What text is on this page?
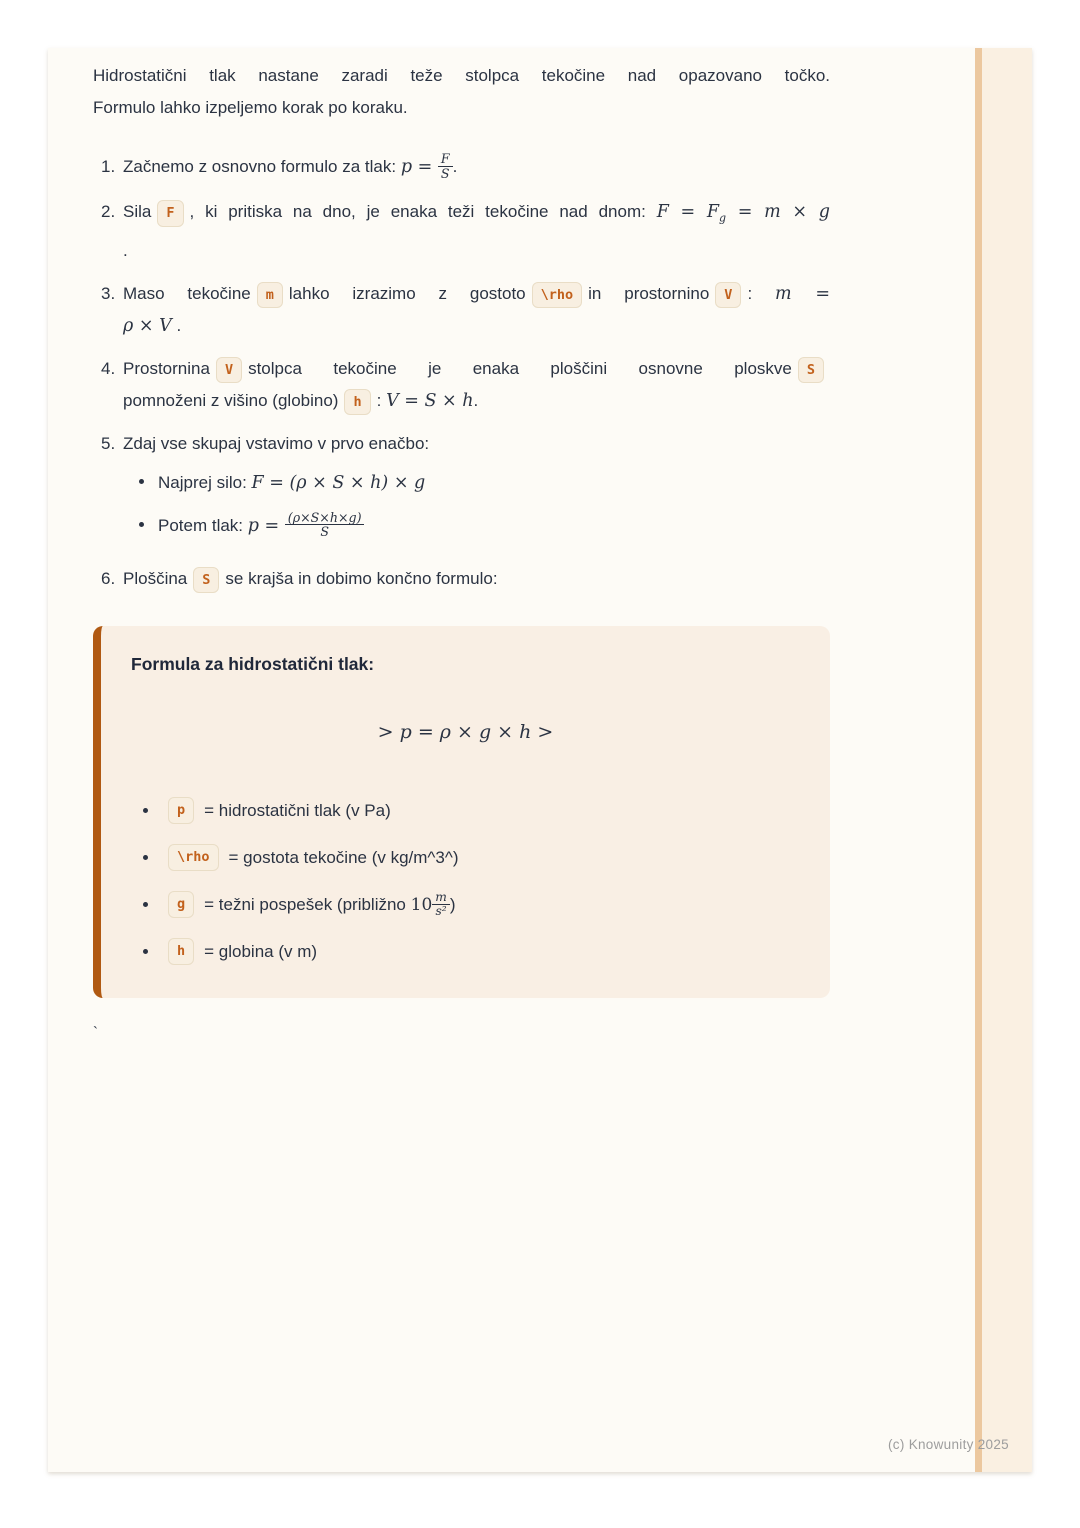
Hidrostatični tlak nastane zaradi teže stolpca tekočine nad opazovano točko.

Formulo lahko izpeljemo korak po koraku.

1. Začnemo z osnovno formulo za tlak: $p = \frac{F}{S}$ .
2. Sila F , ki pritiska na dno, je enaka teži tekočine nad dnom: $F = F_g = m \times g$
.
3. Maso tekočine m lahko izrazimo z gostoto \rho in prostornino V : m =
ρ × V .
4. Prostornina V stolpca tekočine je enaka ploščini osnovne ploskve S
pomnoženi z višino (globino) h : V = S × h.
5. Zdaj vse skupaj vstavimo v prvo enačbo:
Najprej silo: F = (ρ × S × h) × g
Potem tlak: $p = \frac{(\rho\times S\times h\times g)}{S}$
6. Ploščina S se krajša in dobimo končno formulo:
Formula za hidrostatični tlak:
> p = ρ × g × h >
p	= hidrostatični tlak (v Pa)
\rho	= gostota tekočine (v kg/m^3^)
g	= težni pospešek (približno $10 \frac{m}{\text{s²}}$ )
h	= globina (v m)
`
(c) Knowunity 2025
